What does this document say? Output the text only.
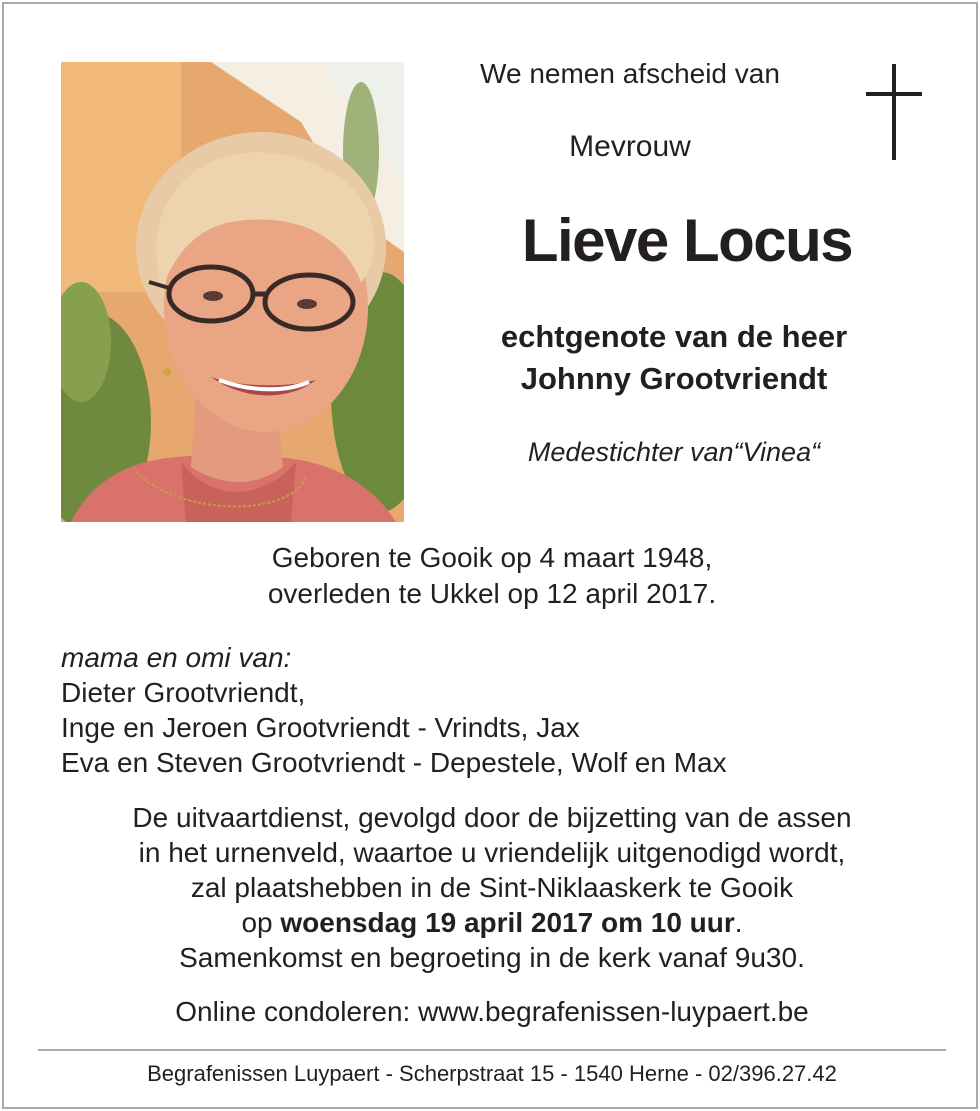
We nemen afscheid van
Mevrouw
Lieve Locus
echtgenote van de heer
Johnny Grootvriendt
Medestichter van“Vinea“
Geboren te Gooik op 4 maart 1948,
overleden te Ukkel op 12 april 2017.
mama en omi van:
Dieter Grootvriendt,
Inge en Jeroen Grootvriendt - Vrindts, Jax
Eva en Steven Grootvriendt - Depestele, Wolf en Max
De uitvaartdienst, gevolgd door de bijzetting van de assen
in het urnenveld, waartoe u vriendelijk uitgenodigd wordt,
zal plaatshebben in de Sint-Niklaaskerk te Gooik
op woensdag 19 april 2017 om 10 uur.
Samenkomst en begroeting in de kerk vanaf 9u30.
Online condoleren: www.begrafenissen-luypaert.be
Begrafenissen Luypaert - Scherpstraat 15 - 1540 Herne - 02/396.27.42
